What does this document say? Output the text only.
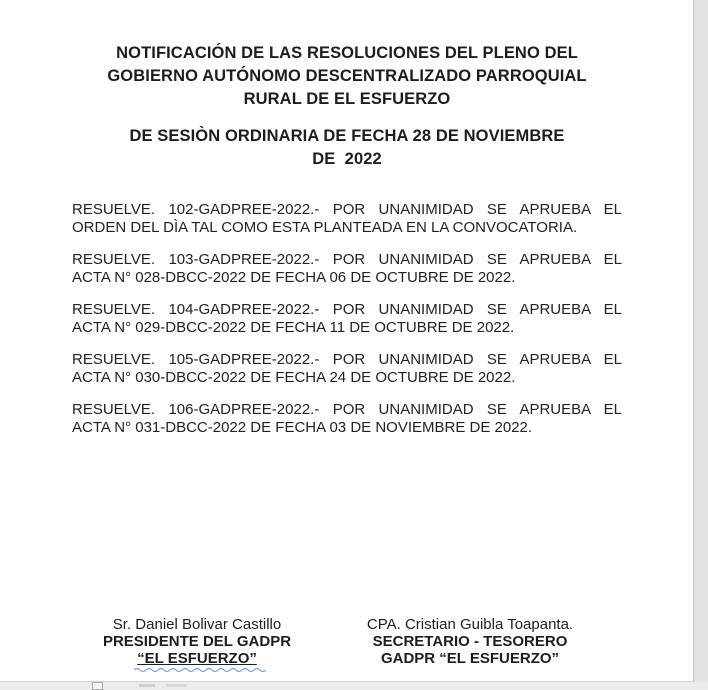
NOTIFICACIÓN DE LAS RESOLUCIONES DEL PLENO DEL
GOBIERNO AUTÓNOMO DESCENTRALIZADO PARROQUIAL
RURAL DE EL ESFUERZO
DE SESIÒN ORDINARIA DE FECHA 28 DE NOVIEMBRE
DE  2022
RESUELVE. 102-GADPREE-2022.- POR UNANIMIDAD SE APRUEBA EL
ORDEN DEL DÌA TAL COMO ESTA PLANTEADA EN LA CONVOCATORIA.
RESUELVE. 103-GADPREE-2022.- POR UNANIMIDAD SE APRUEBA EL
ACTA N° 028-DBCC-2022 DE FECHA 06 DE OCTUBRE DE 2022.
RESUELVE. 104-GADPREE-2022.- POR UNANIMIDAD SE APRUEBA EL
ACTA N° 029-DBCC-2022 DE FECHA 11 DE OCTUBRE DE 2022.
RESUELVE. 105-GADPREE-2022.- POR UNANIMIDAD SE APRUEBA EL
ACTA N° 030-DBCC-2022 DE FECHA 24 DE OCTUBRE DE 2022.
RESUELVE. 106-GADPREE-2022.- POR UNANIMIDAD SE APRUEBA EL
ACTA N° 031-DBCC-2022 DE FECHA 03 DE NOVIEMBRE DE 2022.
Sr. Daniel Bolivar Castillo
PRESIDENTE DEL GADPR
“EL ESFUERZO”
CPA. Cristian Guibla Toapanta.
SECRETARIO - TESORERO
GADPR “EL ESFUERZO”
